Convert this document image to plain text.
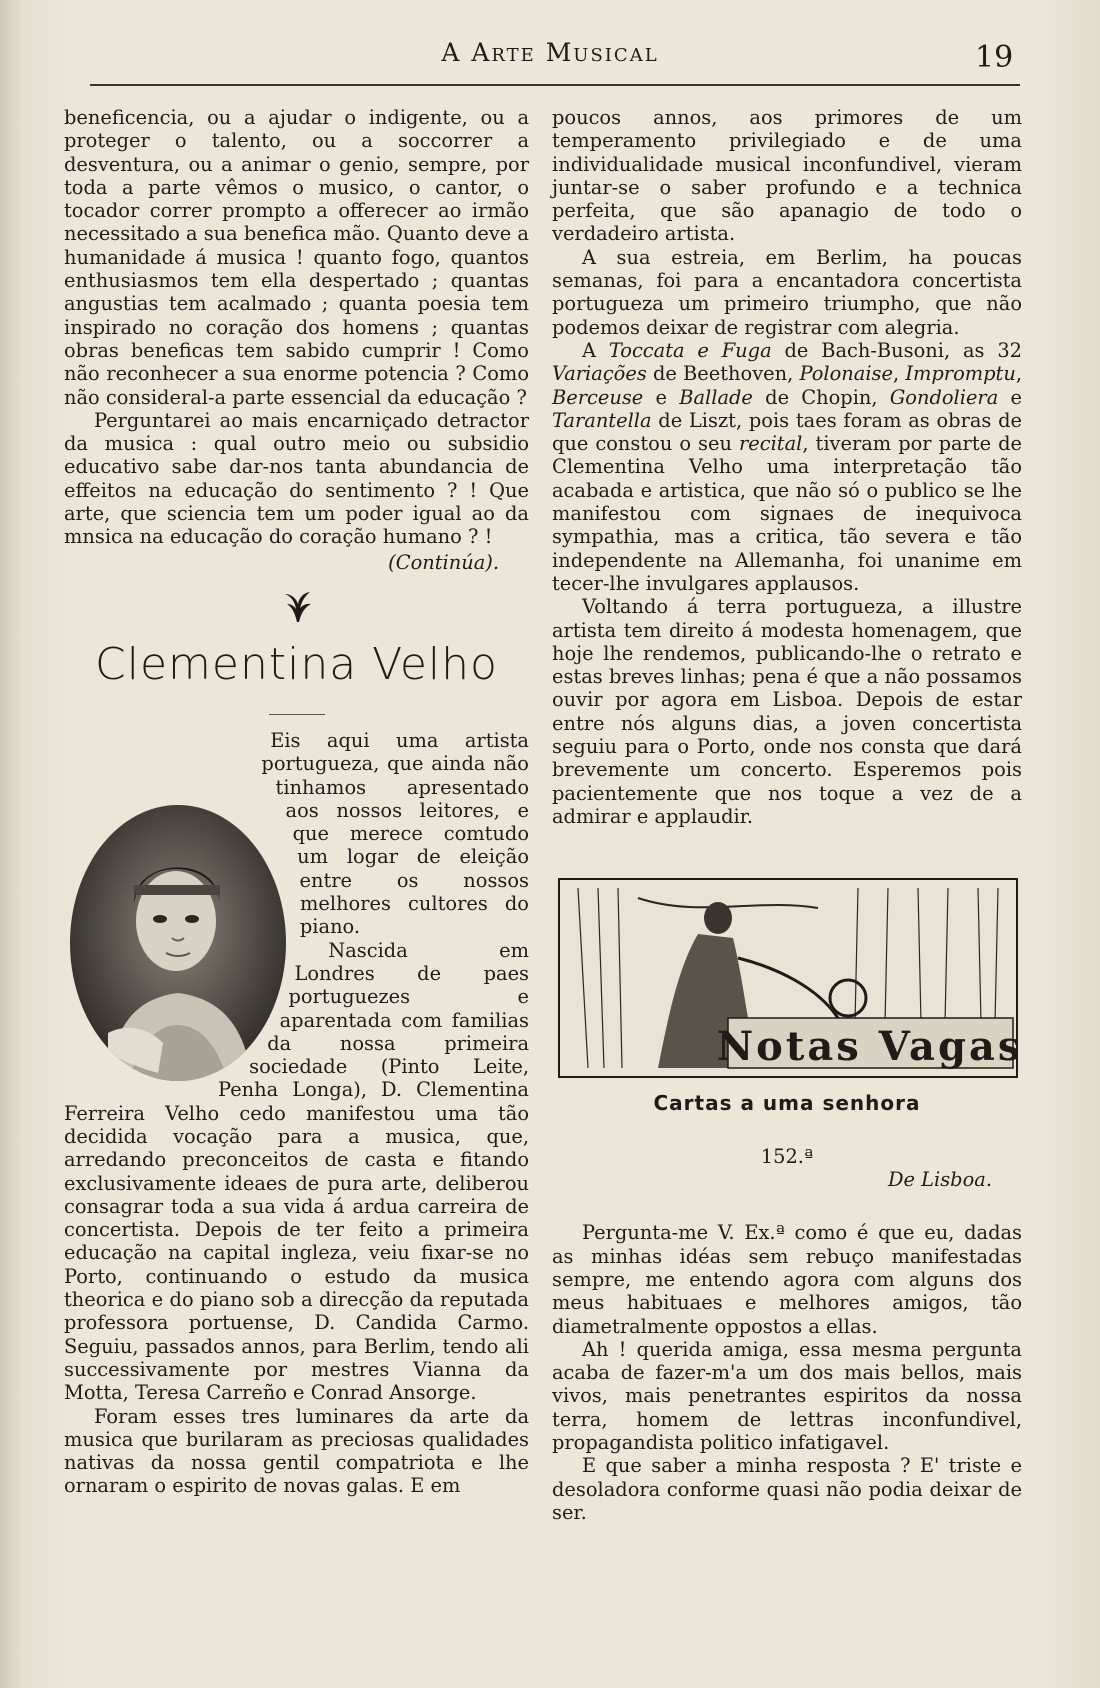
A Arte Musical	19

beneficencia, ou a ajudar o indigente, ou a proteger o talento, ou a soccorrer a desventura, ou a animar o genio, sempre, por toda a parte vêmos o musico, o cantor, o tocador correr prompto a offerecer ao irmão necessitado a sua benefica mão. Quanto deve a humanidade á musica ! quanto fogo, quantos enthusiasmos tem ella despertado ; quantas angustias tem acalmado ; quanta poesia tem inspirado no coração dos homens ; quantas obras beneficas tem sabido cumprir ! Como não reconhecer a sua enorme potencia ? Como não consideral-a parte essencial da educação ?

Perguntarei ao mais encarniçado detractor da musica : qual outro meio ou subsidio educativo sabe dar-nos tanta abundancia de effeitos na educação do sentimento ? ! Que arte, que sciencia tem um poder igual ao da mnsica na educação do coração humano ? !

(Continúa).

Clementina Velho

Eis aqui uma artista portugueza, que ainda não tinhamos apresentado aos nossos leitores, e que merece comtudo um logar de eleição entre os nossos melhores cultores do piano.

Nascida em Londres de paes portuguezes e aparentada com familias da nossa primeira sociedade (Pinto Leite, Penha Longa), D. Clementina Ferreira Velho cedo manifestou uma tão decidida vocação para a musica, que, arredando preconceitos de casta e fitando exclusivamente ideaes de pura arte, deliberou consagrar toda a sua vida á ardua carreira de concertista. Depois de ter feito a primeira educação na capital ingleza, veiu fixar-se no Porto, continuando o estudo da musica theorica e do piano sob a direcção da reputada professora portuense, D. Candida Carmo. Seguiu, passados annos, para Berlim, tendo ali successivamente por mestres Vianna da Motta, Teresa Carreño e Conrad Ansorge.

Foram esses tres luminares da arte da musica que burilaram as preciosas qualidades nativas da nossa gentil compatriota e lhe ornaram o espirito de novas galas. E em

poucos annos, aos primores de um temperamento privilegiado e de uma individualidade musical inconfundivel, vieram juntar-se o saber profundo e a technica perfeita, que são apanagio de todo o verdadeiro artista.

A sua estreia, em Berlim, ha poucas semanas, foi para a encantadora concertista portugueza um primeiro triumpho, que não podemos deixar de registrar com alegria.

A Toccata e Fuga de Bach-Busoni, as 32 Variações de Beethoven, Polonaise, Impromptu, Berceuse e Ballade de Chopin, Gondoliera e Tarantella de Liszt, pois taes foram as obras de que constou o seu recital, tiveram por parte de Clementina Velho uma interpretação tão acabada e artistica, que não só o publico se lhe manifestou com signaes de inequivoca sympathia, mas a critica, tão severa e tão independente na Allemanha, foi unanime em tecer-lhe invulgares applausos.

Voltando á terra portugueza, a illustre artista tem direito á modesta homenagem, que hoje lhe rendemos, publicando-lhe o retrato e estas breves linhas; pena é que a não possamos ouvir por agora em Lisboa. Depois de estar entre nós alguns dias, a joven concertista seguiu para o Porto, onde nos consta que dará brevemente um concerto. Esperemos pois pacientemente que nos toque a vez de a admirar e applaudir.

Notas Vagas

Cartas a uma senhora

152.ª

De Lisboa.

Pergunta-me V. Ex.ª como é que eu, dadas as minhas idéas sem rebuço manifestadas sempre, me entendo agora com alguns dos meus habituaes e melhores amigos, tão diametralmente oppostos a ellas.

Ah ! querida amiga, essa mesma pergunta acaba de fazer-m'a um dos mais bellos, mais vivos, mais penetrantes espiritos da nossa terra, homem de lettras inconfundivel, propagandista politico infatigavel.

E que saber a minha resposta ? E' triste e desoladora conforme quasi não podia deixar de ser.
